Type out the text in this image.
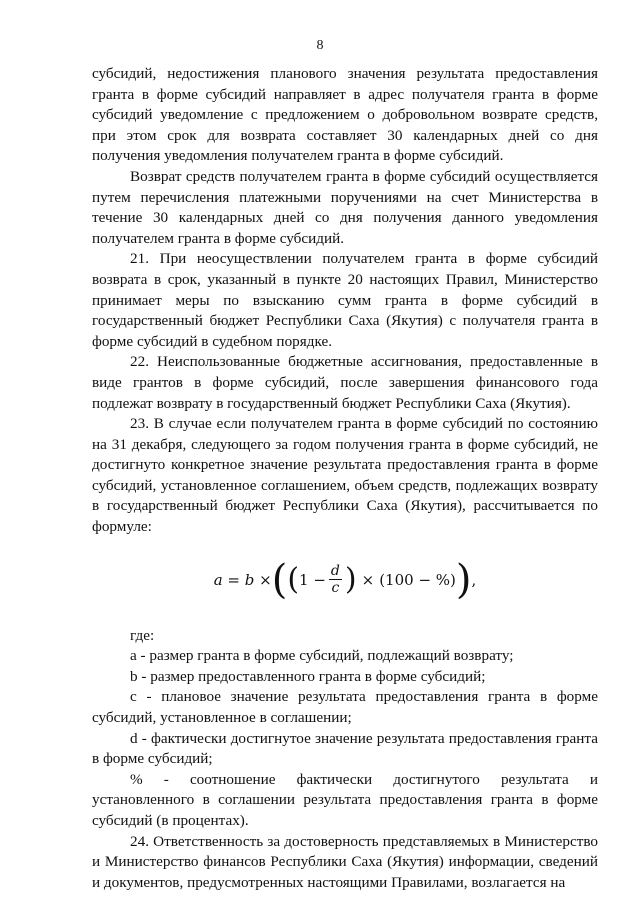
8

субсидий, недостижения планового значения результата предоставления гранта в форме субсидий направляет в адрес получателя гранта в форме субсидий уведомление с предложением о добровольном возврате средств, при этом срок для возврата составляет 30 календарных дней со дня получения уведомления получателем гранта в форме субсидий.

Возврат средств получателем гранта в форме субсидий осуществляется путем перечисления платежными поручениями на счет Министерства в течение 30 календарных дней со дня получения данного уведомления получателем гранта в форме субсидий.

21. При неосуществлении получателем гранта в форме субсидий возврата в срок, указанный в пункте 20 настоящих Правил, Министерство принимает меры по взысканию сумм гранта в форме субсидий в государственный бюджет Республики Саха (Якутия) с получателя гранта в форме субсидий в судебном порядке.

22. Неиспользованные бюджетные ассигнования, предоставленные в виде грантов в форме субсидий, после завершения финансового года подлежат возврату в государственный бюджет Республики Саха (Якутия).

23. В случае если получателем гранта в форме субсидий по состоянию на 31 декабря, следующего за годом получения гранта в форме субсидий, не достигнуто конкретное значение результата предоставления гранта в форме субсидий, установленное соглашением, объем средств, подлежащих возврату в государственный бюджет Республики Саха (Якутия), рассчитывается по формуле:

a = b × ( ( $1 - \frac{d}{c}$ ) × (100 − %) ) ,

где:

a - размер гранта в форме субсидий, подлежащий возврату;

b - размер предоставленного гранта в форме субсидий;

c - плановое значение результата предоставления гранта в форме субсидий, установленное в соглашении;

d - фактически достигнутое значение результата предоставления гранта в форме субсидий;

% - соотношение фактически достигнутого результата и установленного в соглашении результата предоставления гранта в форме субсидий (в процентах).

24. Ответственность за достоверность представляемых в Министерство и Министерство финансов Республики Саха (Якутия) информации, сведений и документов, предусмотренных настоящими Правилами, возлагается на
